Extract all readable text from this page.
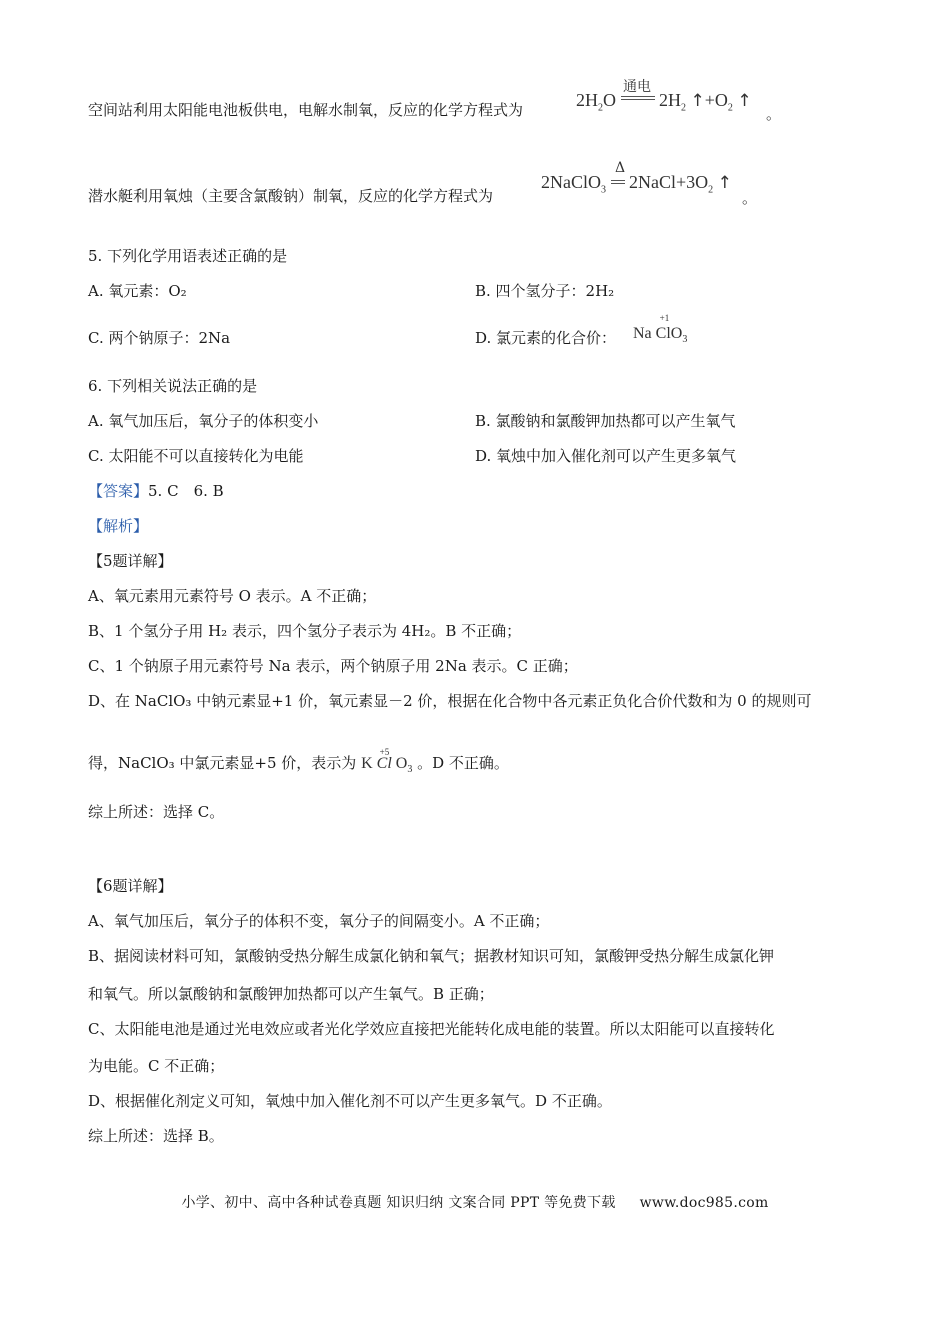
空间站利用太阳能电池板供电，电解水制氧，反应的化学方程式为	$2H_2O$ $2H_2$ $↑+O_2$ ↑
通电
。
潜水艇利用氧烛（主要含氯酸钠）制氧，反应的化学方程式为
2NaClO$_3$ $2NaCl+3O_2$ ↑
Δ
。
5. 下列化学用语表述正确的是
A. 氧元素：O₂	B. 四个氢分子：2H₂
C. 两个钠原子：2Na	D. 氯元素的化合价： Na
+1
ClO$_3$
6. 下列相关说法正确的是
A. 氧气加压后，氧分子的体积变小	B. 氯酸钠和氯酸钾加热都可以产生氧气
C. 太阳能不可以直接转化为电能	D. 氧烛中加入催化剂可以产生更多氧气
【答案】5. C　6. B
【解析】
【5题详解】
A、氧元素用元素符号 O 表示。A 不正确；
B、1 个氢分子用 H₂ 表示，四个氢分子表示为 4H₂。B 不正确；
C、1 个钠原子用元素符号 Na 表示，两个钠原子用 2Na 表示。C 正确；
D、在 NaClO₃ 中钠元素显+1 价，氧元素显－2 价，根据在化合物中各元素正负化合价代数和为 0 的规则可
得，NaClO₃ 中氯元素显+5 价，表示为 K
+5
Cl $O_3$ 。D 不正确。
综上所述：选择 C。
【6题详解】
A、氧气加压后，氧分子的体积不变，氧分子的间隔变小。A 不正确；
B、据阅读材料可知，氯酸钠受热分解生成氯化钠和氧气；据教材知识可知，氯酸钾受热分解生成氯化钾
和氧气。所以氯酸钠和氯酸钾加热都可以产生氧气。B 正确；
C、太阳能电池是通过光电效应或者光化学效应直接把光能转化成电能的装置。所以太阳能可以直接转化
为电能。C 不正确；
D、根据催化剂定义可知，氧烛中加入催化剂不可以产生更多氧气。D 不正确。
综上所述：选择 B。
小学、初中、高中各种试卷真题 知识归纳 文案合同 PPT 等免费下载 www.doc985.com
